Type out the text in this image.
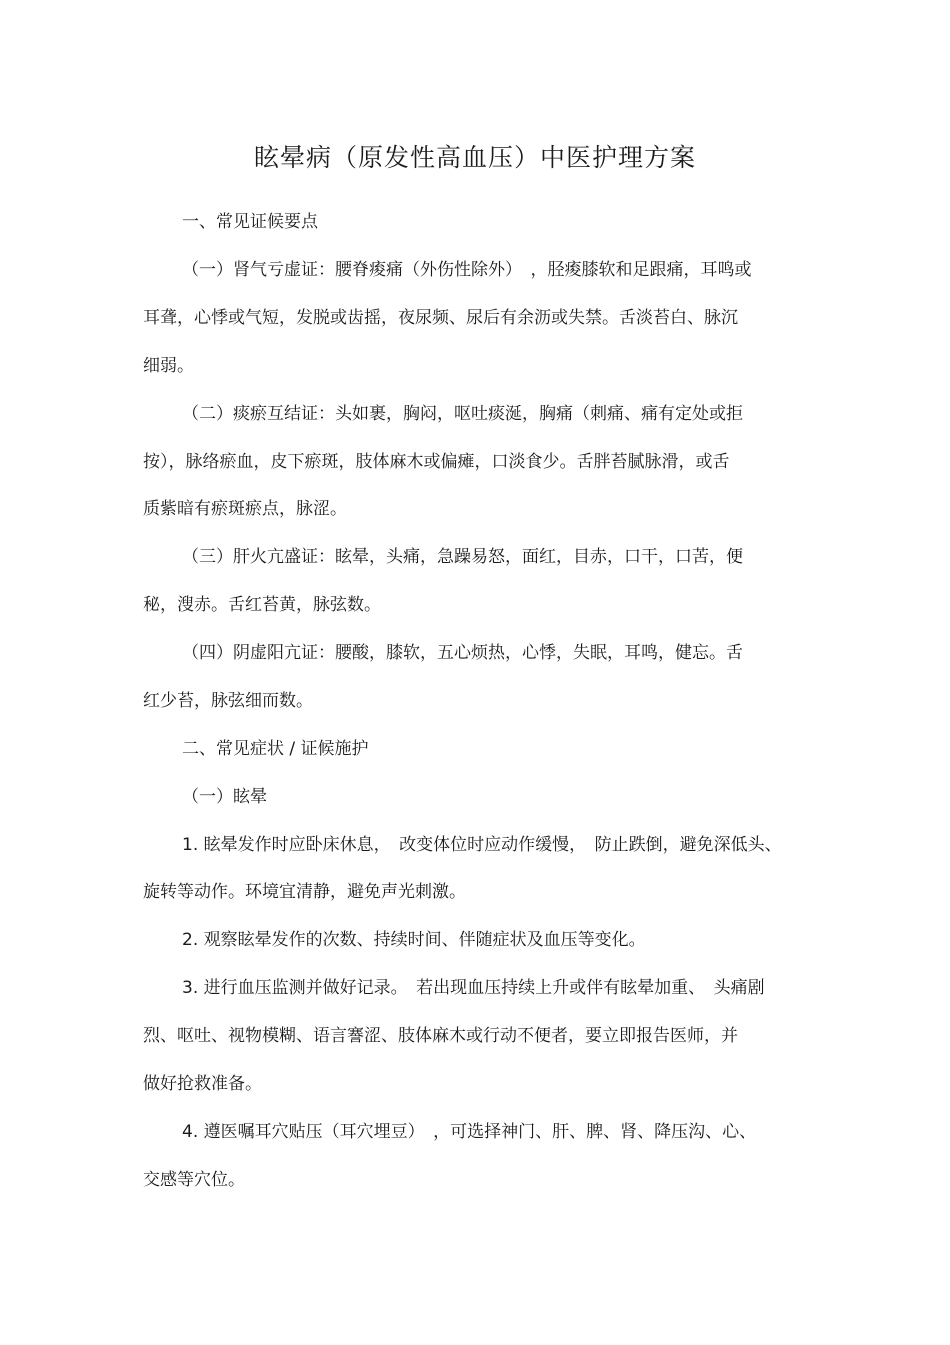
眩晕病（原发性高血压）中医护理方案
一、常见证候要点
（一）肾气亏虚证：腰脊痠痛（外伤性除外）　，胫痠膝软和足跟痛，耳鸣或
耳聋，心悸或气短，发脱或齿摇，夜尿频、尿后有余沥或失禁。舌淡苔白、脉沉
细弱。
（二）痰瘀互结证：头如裹，胸闷，呕吐痰涎，胸痛（刺痛、痛有定处或拒
按），脉络瘀血，皮下瘀斑，肢体麻木或偏瘫，口淡食少。舌胖苔腻脉滑，或舌
质紫暗有瘀斑瘀点，脉涩。
（三）肝火亢盛证：眩晕，头痛，急躁易怒，面红，目赤，口干，口苦，便
秘，溲赤。舌红苔黄，脉弦数。
（四）阴虚阳亢证：腰酸，膝软，五心烦热，心悸，失眠，耳鸣，健忘。舌
红少苔，脉弦细而数。
二、常见症状 / 证候施护
（一）眩晕
1. 眩晕发作时应卧床休息，　改变体位时应动作缓慢，　防止跌倒，避免深低头、
旋转等动作。环境宜清静，避免声光刺激。
2. 观察眩晕发作的次数、持续时间、伴随症状及血压等变化。
3. 进行血压监测并做好记录。　若出现血压持续上升或伴有眩晕加重、　头痛剧
烈、呕吐、视物模糊、语言謇涩、肢体麻木或行动不便者，要立即报告医师，并
做好抢救准备。
4. 遵医嘱耳穴贴压（耳穴埋豆）　，可选择神门、肝、脾、肾、降压沟、心、
交感等穴位。
